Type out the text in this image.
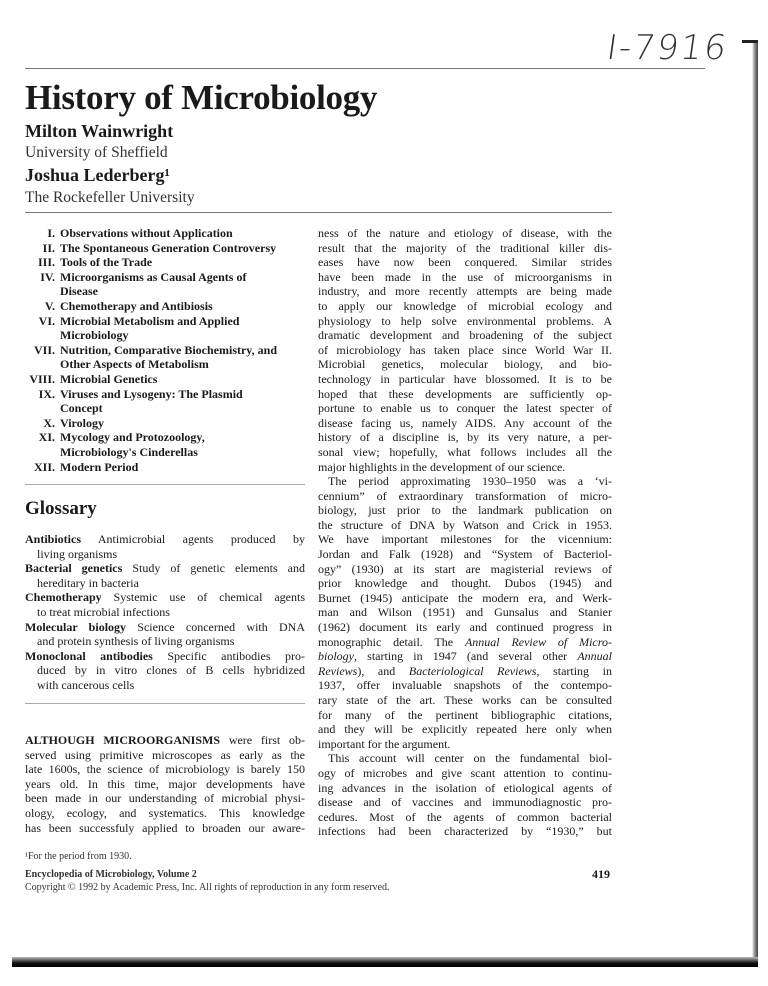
I-7916
History of Microbiology
Milton Wainwright
University of Sheffield
Joshua Lederberg¹
The Rockefeller University
I. Observations without Application
II. The Spontaneous Generation Controversy
III. Tools of the Trade
IV. Microorganisms as Causal Agents of
Disease
V. Chemotherapy and Antibiosis
VI. Microbial Metabolism and Applied
Microbiology
VII. Nutrition, Comparative Biochemistry, and
Other Aspects of Metabolism
VIII. Microbial Genetics
IX. Viruses and Lysogeny: The Plasmid
Concept
X. Virology
XI. Mycology and Protozoology,
Microbiology's Cinderellas
XII. Modern Period
Glossary
Antibiotics Antimicrobial agents produced by
living organisms
Bacterial genetics Study of genetic elements and
hereditary in bacteria
Chemotherapy Systemic use of chemical agents
to treat microbial infections
Molecular biology Science concerned with DNA
and protein synthesis of living organisms
Monoclonal antibodies Specific antibodies pro-
duced by in vitro clones of B cells hybridized
with cancerous cells
ALTHOUGH MICROORGANISMS were first ob-
served using primitive microscopes as early as the
late 1600s, the science of microbiology is barely 150
years old. In this time, major developments have
been made in our understanding of microbial physi-
ology, ecology, and systematics. This knowledge
has been successfuly applied to broaden our aware-
ness of the nature and etiology of disease, with the
result that the majority of the traditional killer dis-
eases have now been conquered. Similar strides
have been made in the use of microorganisms in
industry, and more recently attempts are being made
to apply our knowledge of microbial ecology and
physiology to help solve environmental problems. A
dramatic development and broadening of the subject
of microbiology has taken place since World War II.
Microbial genetics, molecular biology, and bio-
technology in particular have blossomed. It is to be
hoped that these developments are sufficiently op-
portune to enable us to conquer the latest specter of
disease facing us, namely AIDS. Any account of the
history of a discipline is, by its very nature, a per-
sonal view; hopefully, what follows includes all the
major highlights in the development of our science.
The period approximating 1930–1950 was a ‘vi-
cennium” of extraordinary transformation of micro-
biology, just prior to the landmark publication on
the structure of DNA by Watson and Crick in 1953.
We have important milestones for the vicennium:
Jordan and Falk (1928) and “System of Bacteriol-
ogy” (1930) at its start are magisterial reviews of
prior knowledge and thought. Dubos (1945) and
Burnet (1945) anticipate the modern era, and Werk-
man and Wilson (1951) and Gunsalus and Stanier
(1962) document its early and continued progress in
monographic detail. The Annual Review of Micro-
biology, starting in 1947 (and several other Annual
Reviews), and Bacteriological Reviews, starting in
1937, offer invaluable snapshots of the contempo-
rary state of the art. These works can be consulted
for many of the pertinent bibliographic citations,
and they will be explicitly repeated here only when
important for the argument.
This account will center on the fundamental biol-
ogy of microbes and give scant attention to continu-
ing advances in the isolation of etiological agents of
disease and of vaccines and immunodiagnostic pro-
cedures. Most of the agents of common bacterial
infections had been characterized by “1930,” but
¹For the period from 1930.
Encyclopedia of Microbiology, Volume 2
Copyright © 1992 by Academic Press, Inc. All rights of reproduction in any form reserved.
419
